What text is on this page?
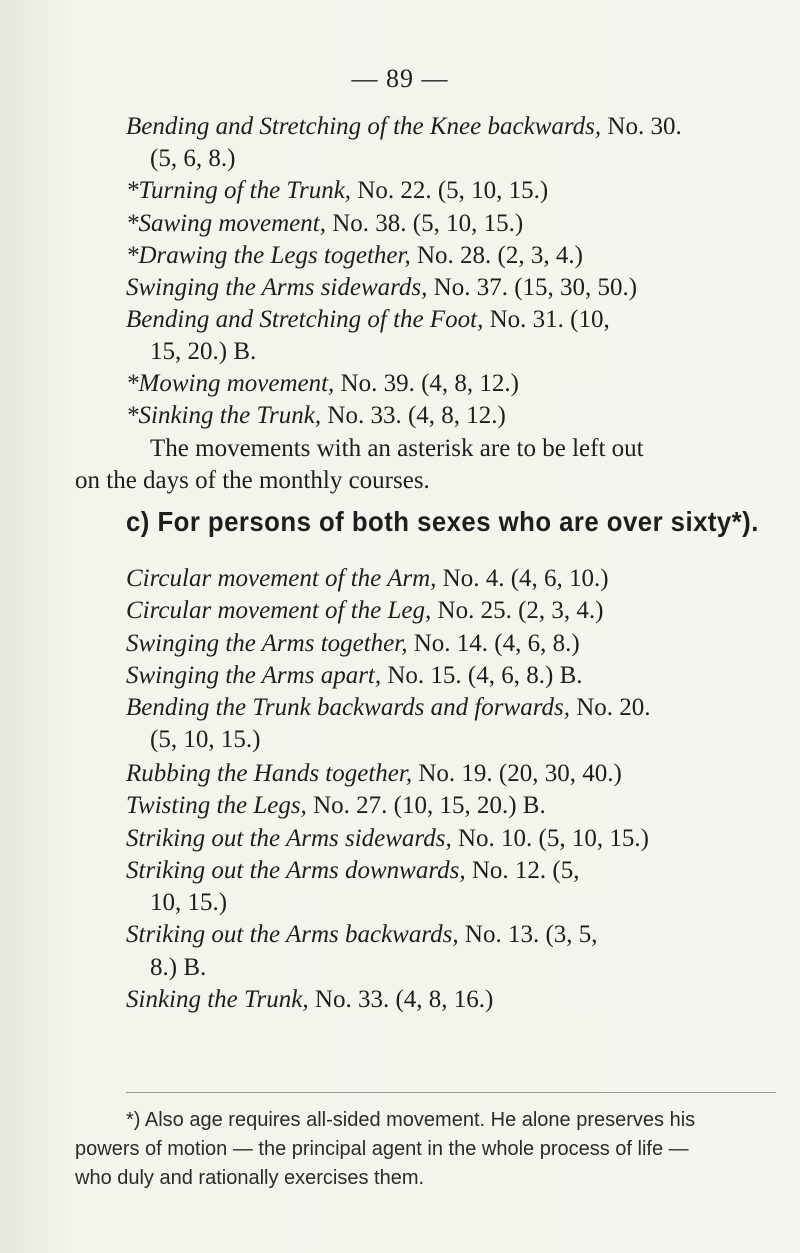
— 89 —
Bending and Stretching of the Knee backwards, No. 30.
(5, 6, 8.)
*Turning of the Trunk, No. 22. (5, 10, 15.)
*Sawing movement, No. 38. (5, 10, 15.)
*Drawing the Legs together, No. 28. (2, 3, 4.)
Swinging the Arms sidewards, No. 37. (15, 30, 50.)
Bending and Stretching of the Foot, No. 31. (10,
15, 20.) B.
*Mowing movement, No. 39. (4, 8, 12.)
*Sinking the Trunk, No. 33. (4, 8, 12.)
The movements with an asterisk are to be left out
on the days of the monthly courses.
c) For persons of both sexes who are over sixty*).
Circular movement of the Arm, No. 4. (4, 6, 10.)
Circular movement of the Leg, No. 25. (2, 3, 4.)
Swinging the Arms together, No. 14. (4, 6, 8.)
Swinging the Arms apart, No. 15. (4, 6, 8.) B.
Bending the Trunk backwards and forwards, No. 20.
(5, 10, 15.)
Rubbing the Hands together, No. 19. (20, 30, 40.)
Twisting the Legs, No. 27. (10, 15, 20.) B.
Striking out the Arms sidewards, No. 10. (5, 10, 15.)
Striking out the Arms downwards, No. 12. (5,
10, 15.)
Striking out the Arms backwards, No. 13. (3, 5,
8.) B.
Sinking the Trunk, No. 33. (4, 8, 16.)
*) Also age requires all-sided movement. He alone preserves his
powers of motion — the principal agent in the whole process of life —
who duly and rationally exercises them.
